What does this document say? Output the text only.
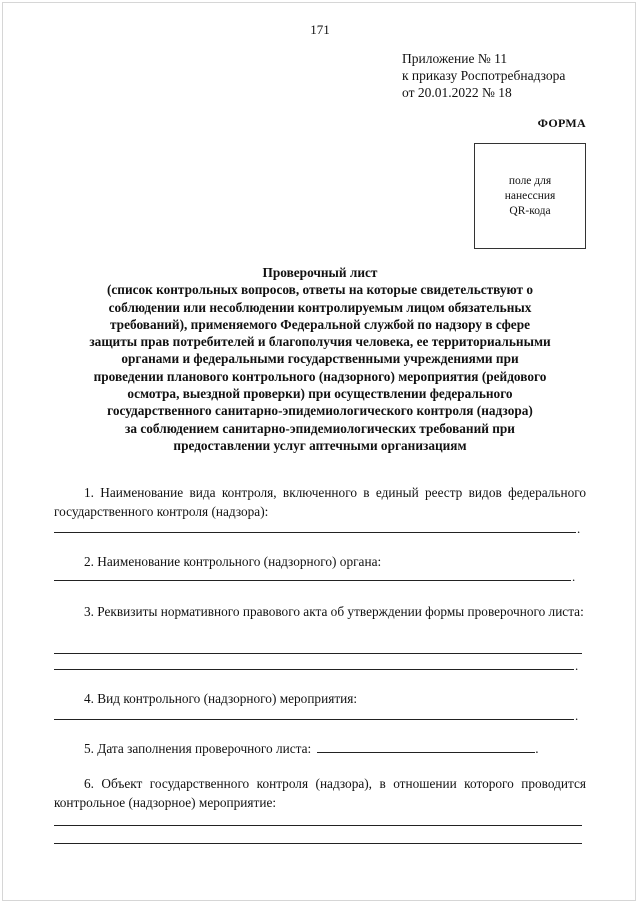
171
Приложение № 11
к приказу Роспотребнадзора
от 20.01.2022 № 18
ФОРМА
поле для
нанессния
QR-кода
Проверочный лист
(список контрольных вопросов, ответы на которые свидетельствуют о
соблюдении или несоблюдении контролируемым лицом обязательных
требований), применяемого Федеральной службой по надзору в сфере
защиты прав потребителей и благополучия человека, ее территориальными
органами и федеральными государственными учреждениями при
проведении планового контрольного (надзорного) мероприятия (рейдового
осмотра, выездной проверки) при осуществлении федерального
государственного санитарно-эпидемиологического контроля (надзора)
за соблюдением санитарно-эпидемиологических требований при
предоставлении услуг аптечными организациям
1. Наименование вида контроля, включенного в единый реестр видов федерального государственного контроля (надзора):
.
2. Наименование контрольного (надзорного) органа:
.
3. Реквизиты нормативного правового акта об утверждении формы проверочного листа:
.
4. Вид контрольного (надзорного) мероприятия:
.
5. Дата заполнения проверочного листа:	.
6. Объект государственного контроля (надзора), в отношении которого проводится контрольное (надзорное) мероприятие:
